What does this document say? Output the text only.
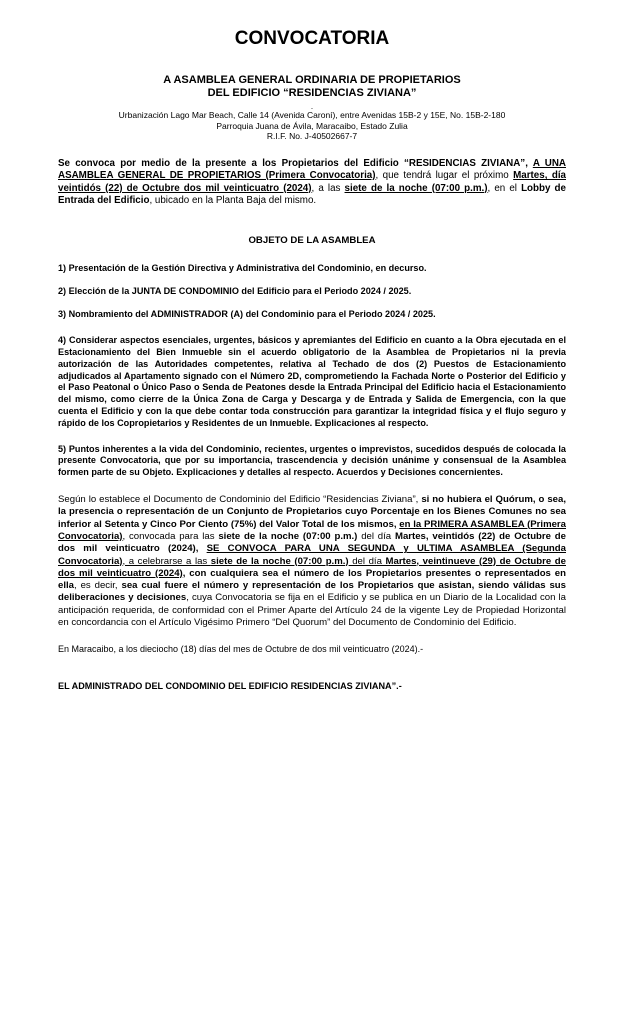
CONVOCATORIA

A ASAMBLEA GENERAL ORDINARIA DE PROPIETARIOS

DEL EDIFICIO “RESIDENCIAS ZIVIANA”

.

Urbanización Lago Mar Beach, Calle 14 (Avenida Caroní), entre Avenidas 15B-2 y 15E, No. 15B-2-180

Parroquia Juana de Ávila, Maracaibo, Estado Zulia

R.I.F. No. J-40502667-7

Se convoca por medio de la presente a los Propietarios del Edificio “RESIDENCIAS ZIVIANA”, A UNA ASAMBLEA GENERAL DE PROPIETARIOS (Primera Convocatoria), que tendrá lugar el próximo Martes, día veintidós (22) de Octubre dos mil veinticuatro (2024), a las siete de la noche (07:00 p.m.), en el Lobby de Entrada del Edificio, ubicado en la Planta Baja del mismo.

OBJETO DE LA ASAMBLEA

1) Presentación de la Gestión Directiva y Administrativa del Condominio, en decurso.

2) Elección de la JUNTA DE CONDOMINIO del Edificio para el Periodo 2024 / 2025.

3) Nombramiento del ADMINISTRADOR (A) del Condominio para el Periodo 2024 / 2025.

4) Considerar aspectos esenciales, urgentes, básicos y apremiantes del Edificio en cuanto a la Obra ejecutada en el Estacionamiento del Bien Inmueble sin el acuerdo obligatorio de la Asamblea de Propietarios ni la previa autorización de las Autoridades competentes, relativa al Techado de dos (2) Puestos de Estacionamiento adjudicados al Apartamento signado con el Número 2D, comprometiendo la Fachada Norte o Posterior del Edificio y el Paso Peatonal o Único Paso o Senda de Peatones desde la Entrada Principal del Edificio hacia el Estacionamiento del mismo, como cierre de la Única Zona de Carga y Descarga y de Entrada y Salida de Emergencia, con la que cuenta el Edificio y con la que debe contar toda construcción para garantizar la integridad física y el flujo seguro y rápido de los Copropietarios y Residentes de un Inmueble. Explicaciones al respecto.

5) Puntos inherentes a la vida del Condominio, recientes, urgentes o imprevistos, sucedidos después de colocada la presente Convocatoria, que por su importancia, trascendencia y decisión unánime y consensual de la Asamblea formen parte de su Objeto. Explicaciones y detalles al respecto. Acuerdos y Decisiones concernientes.

Según lo establece el Documento de Condominio del Edificio “Residencias Ziviana”, si no hubiera el Quórum, o sea, la presencia o representación de un Conjunto de Propietarios cuyo Porcentaje en los Bienes Comunes no sea inferior al Setenta y Cinco Por Ciento (75%) del Valor Total de los mismos, en la PRIMERA ASAMBLEA (Primera Convocatoria), convocada para las siete de la noche (07:00 p.m.) del día Martes, veintidós (22) de Octubre de dos mil veinticuatro (2024), SE CONVOCA PARA UNA SEGUNDA y ULTIMA ASAMBLEA (Segunda Convocatoria), a celebrarse a las siete de la noche (07:00 p.m.) del día Martes, veintinueve (29) de Octubre de dos mil veinticuatro (2024), con cualquiera sea el número de los Propietarios presentes o representados en ella, es decir, sea cual fuere el número y representación de los Propietarios que asistan, siendo válidas sus deliberaciones y decisiones, cuya Convocatoria se fija en el Edificio y se publica en un Diario de la Localidad con la anticipación requerida, de conformidad con el Primer Aparte del Artículo 24 de la vigente Ley de Propiedad Horizontal en concordancia con el Artículo Vigésimo Primero “Del Quorum” del Documento de Condominio del Edificio.

En Maracaibo, a los dieciocho (18) días del mes de Octubre de dos mil veinticuatro (2024).-

EL ADMINISTRADO DEL CONDOMINIO DEL EDIFICIO RESIDENCIAS ZIVIANA”.-
